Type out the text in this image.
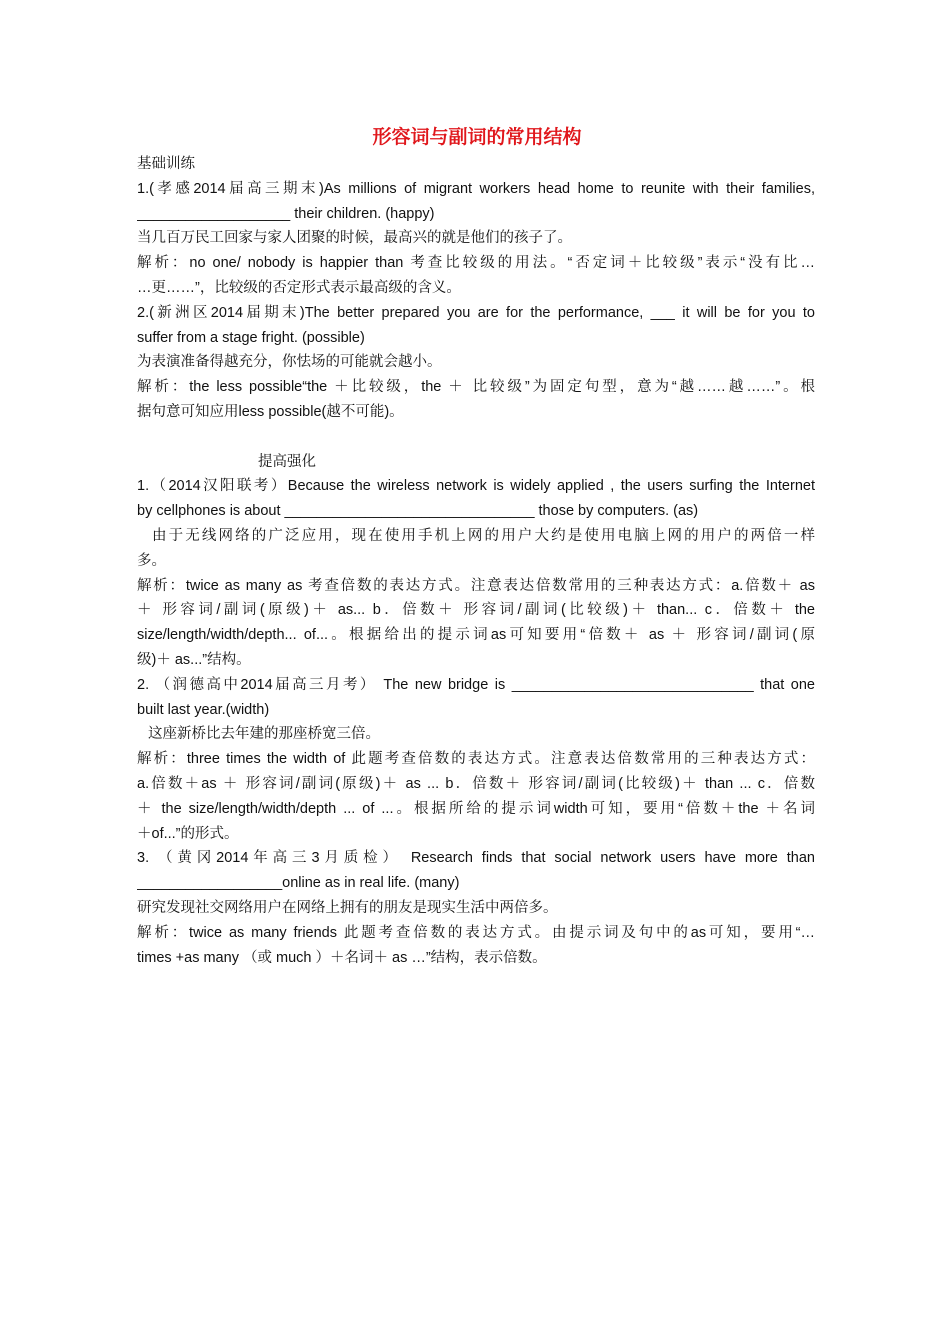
形容词与副词的常用结构
基础训练
1.(孝感2014届高三期末)As millions of migrant workers head home to reunite with their families,
___________________ their children. (happy)
当几百万民工回家与家人团聚的时候，最高兴的就是他们的孩子了。
解析：no one/ nobody is happier than 考查比较级的用法。“否定词＋比较级”表示“没有比…
…更……”，比较级的否定形式表示最高级的含义。
2.(新洲区2014届期末)The better prepared you are for the performance, ___ it will be for you to
suffer from a stage fright. (possible)
为表演准备得越充分，你怯场的可能就会越小。
解析：the less possible“the ＋比较级，the ＋ 比较级”为固定句型，意为“越……越……”。根
据句意可知应用less possible(越不可能)。
提高强化
1.（2014汉阳联考）Because the wireless network is widely applied , the users surfing the Internet
by cellphones is about _______________________________ those by computers. (as)
由于无线网络的广泛应用，现在使用手机上网的用户大约是使用电脑上网的用户的两倍一样
多。
解析：twice as many as 考查倍数的表达方式。注意表达倍数常用的三种表达方式：a.倍数＋ as
＋ 形容词/副词(原级)＋ as... b．倍数＋ 形容词/副词(比较级)＋ than... c．倍数＋ the
size/length/width/depth... of...。根据给出的提示词as可知要用“倍数＋ as ＋ 形容词/副词(原
级)＋ as...”结构。
2. （润德高中2014届高三月考） The new bridge is ______________________________ that one
built last year.(width)
这座新桥比去年建的那座桥宽三倍。
解析：three times the width of 此题考查倍数的表达方式。注意表达倍数常用的三种表达方式：
a.倍数＋as ＋ 形容词/副词(原级)＋ as ... b．倍数＋ 形容词/副词(比较级)＋ than ... c．倍数
＋ the size/length/width/depth ... of ...。根据所给的提示词width可知，要用“倍数＋the ＋名词
＋of...”的形式。
3. （黄冈2014年高三3月质检） Research finds that social network users have more than
__________________online as in real life. (many)
研究发现社交网络用户在网络上拥有的朋友是现实生活中两倍多。
解析：twice as many friends 此题考查倍数的表达方式。由提示词及句中的as可知，要用“…
times +as many （或 much ）＋名词＋ as …”结构，表示倍数。
